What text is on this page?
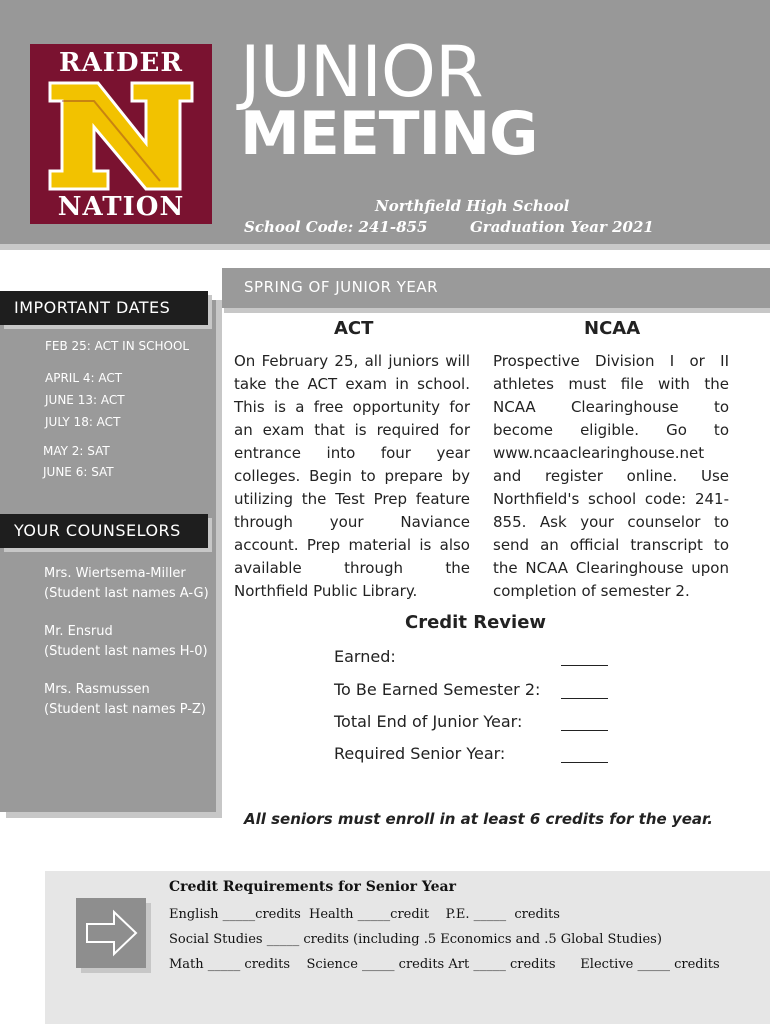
RAIDER
NATION
JUNIOR
MEETING
Northfield High School
School Code: 241-855	Graduation Year 2021
SPRING OF JUNIOR YEAR
IMPORTANT DATES
FEB 25: ACT IN SCHOOL
APRIL 4: ACT
JUNE 13: ACT
JULY 18: ACT
MAY 2: SAT
JUNE 6: SAT
YOUR COUNSELORS
Mrs. Wiertsema-Miller
(Student last names A-G)
Mr. Ensrud
(Student last names H-0)
Mrs. Rasmussen
(Student last names P-Z)
ACT
On February 25, all juniors will take the ACT exam in school. This is a free opportunity for an exam that is required for entrance into four year colleges. Begin to prepare by utilizing the Test Prep feature through your Naviance account. Prep material is also available through the Northfield Public Library.
NCAA
Prospective Division I or II athletes must file with the NCAA Clearinghouse to become eligible. Go to www.ncaaclearinghouse.net and register online. Use Northfield's school code: 241-855. Ask your counselor to send an official transcript to the NCAA Clearinghouse upon completion of semester 2.
Credit Review
Earned:
To Be Earned Semester 2:
Total End of Junior Year:
Required Senior Year:
All seniors must enroll in at least 6 credits for the year.
Credit Requirements for Senior Year
English _____credits  Health _____credit    P.E. _____  credits
Social Studies _____ credits (including .5 Economics and .5 Global Studies)
Math _____ credits    Science _____ credits Art _____ credits      Elective _____ credits
